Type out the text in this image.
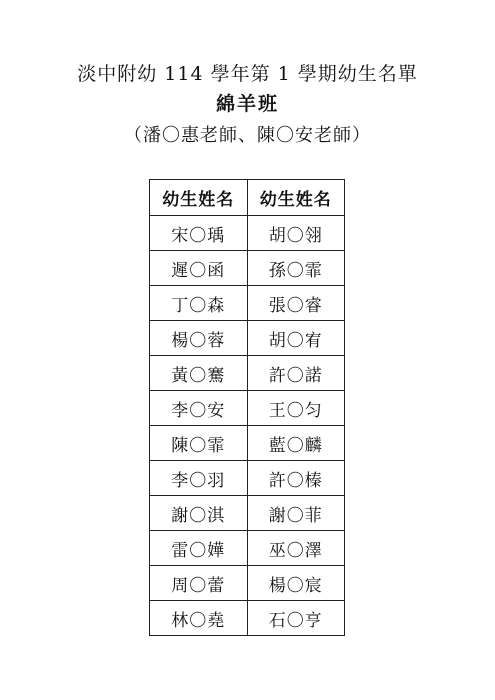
淡中附幼 114 學年第 1 學期幼生名單
綿羊班
（潘〇惠老師、陳〇安老師）
幼生姓名	幼生姓名
宋〇瑀	胡〇翎
遲〇函	孫〇霏
丁〇森	張〇睿
楊〇蓉	胡〇宥
黃〇騫	許〇諾
李〇安	王〇匀
陳〇霏	藍〇麟
李〇羽	許〇榛
謝〇淇	謝〇菲
雷〇嬅	巫〇澤
周〇蕾	楊〇宸
林〇堯	石〇亨
